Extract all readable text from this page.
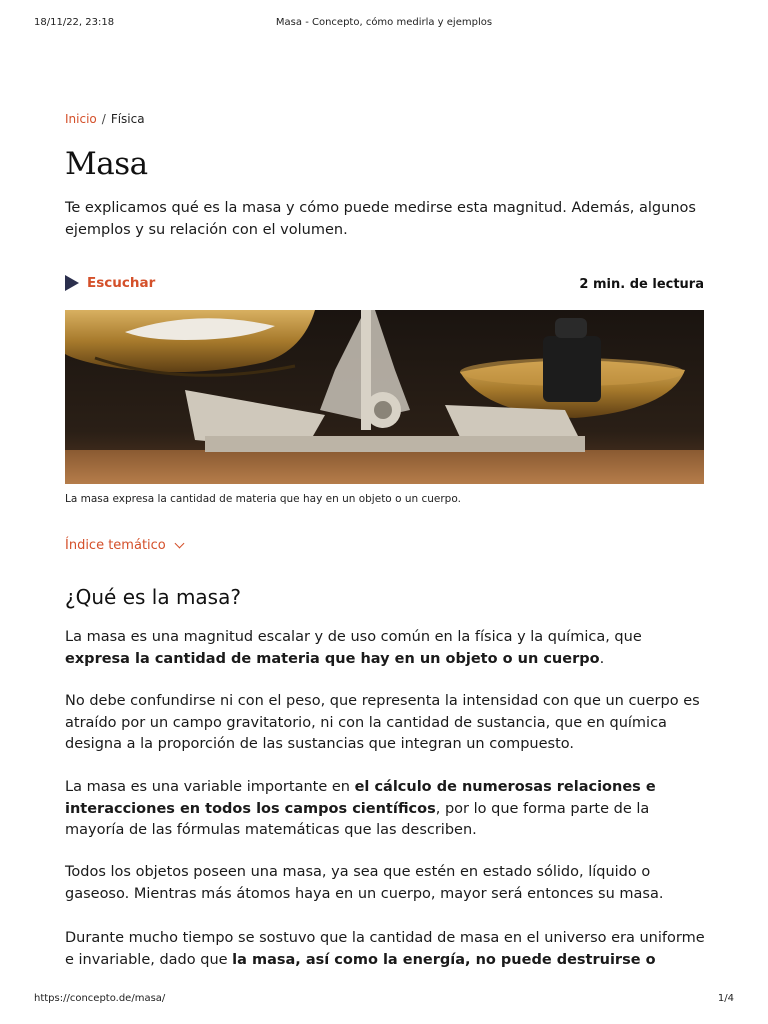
18/11/22, 23:18	Masa - Concepto, cómo medirla y ejemplos
Inicio / Física
Masa

Te explicamos qué es la masa y cómo puede medirse esta magnitud. Además, algunos ejemplos y su relación con el volumen.

Escuchar	2 min. de lectura
La masa expresa la cantidad de materia que hay en un objeto o un cuerpo.
Índice temático
¿Qué es la masa?

La masa es una magnitud escalar y de uso común en la física y la química, que expresa la cantidad de materia que hay en un objeto o un cuerpo.

No debe confundirse ni con el peso, que representa la intensidad con que un cuerpo es atraído por un campo gravitatorio, ni con la cantidad de sustancia, que en química designa a la proporción de las sustancias que integran un compuesto.

La masa es una variable importante en el cálculo de numerosas relaciones e interacciones en todos los campos científicos, por lo que forma parte de la mayoría de las fórmulas matemáticas que las describen.

Todos los objetos poseen una masa, ya sea que estén en estado sólido, líquido o gaseoso. Mientras más átomos haya en un cuerpo, mayor será entonces su masa.

Durante mucho tiempo se sostuvo que la cantidad de masa en el universo era uniforme e invariable, dado que la masa, así como la energía, no puede destruirse o

https://concepto.de/masa/	1/4
